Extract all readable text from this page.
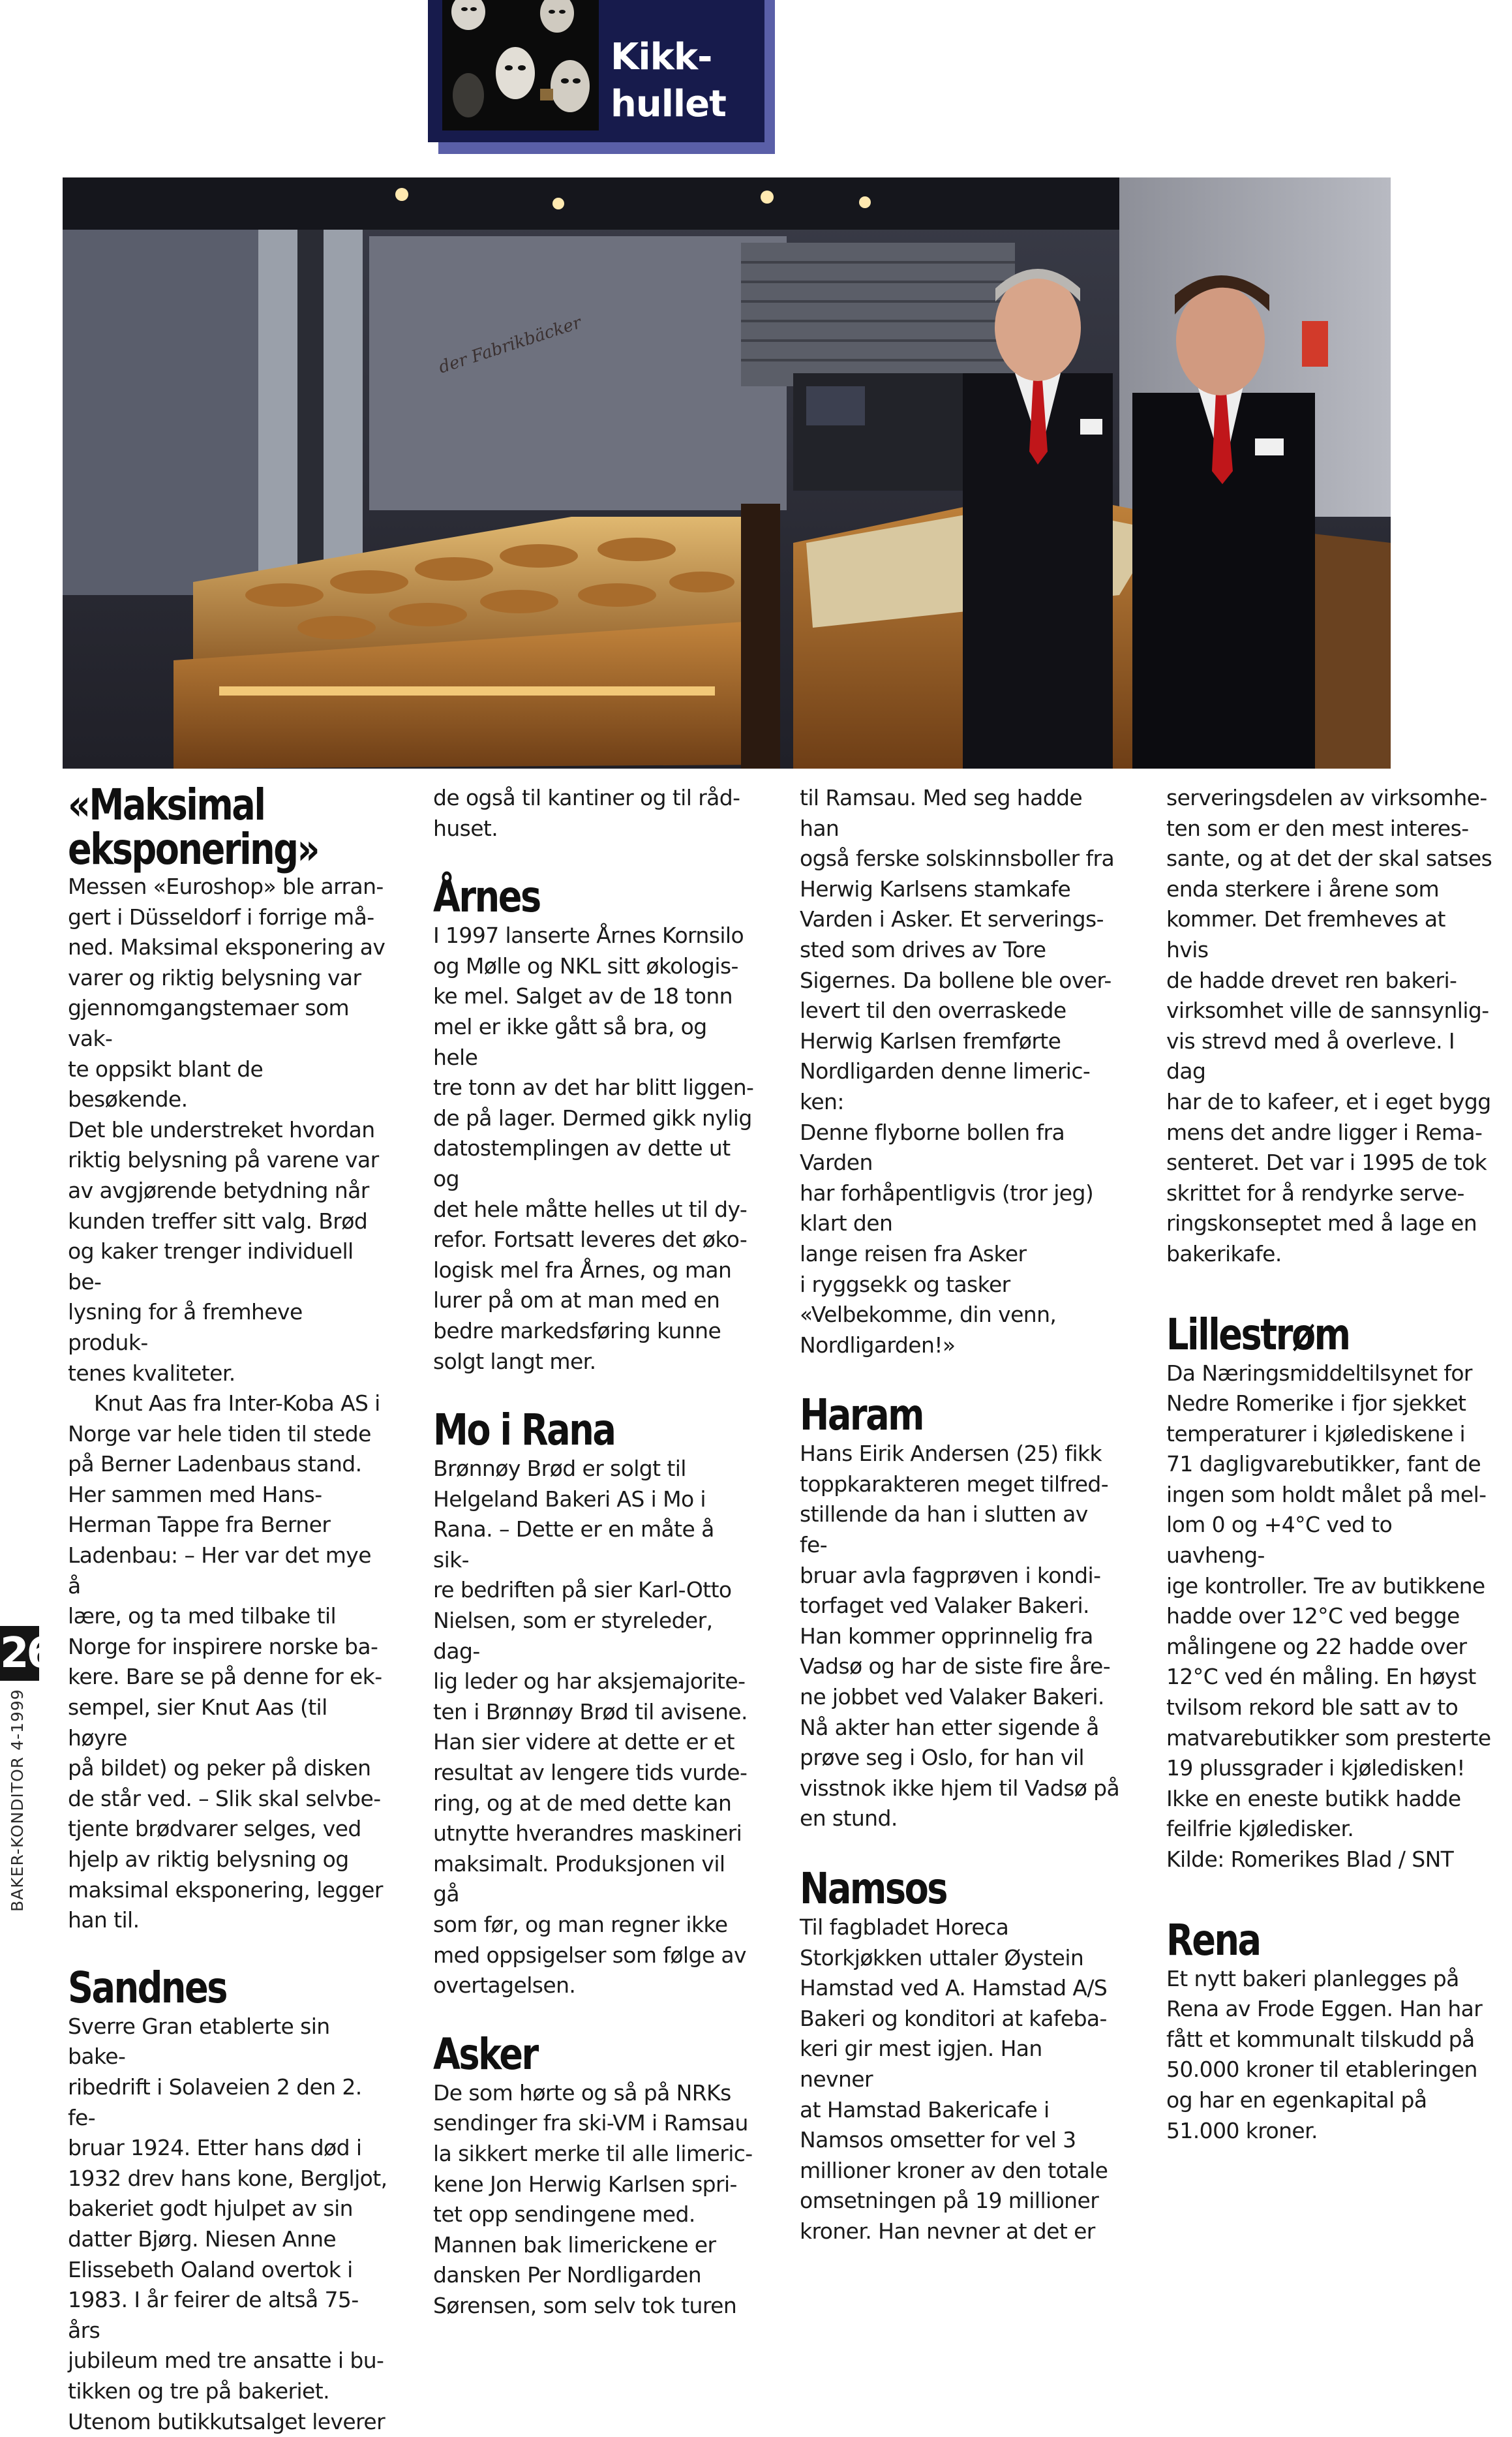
Kikk-
hullet
der Fabrikbäcker
«Maksimal eksponering»

Messen «Euroshop» ble arran-
gert i Düsseldorf i forrige må-
ned. Maksimal eksponering av
varer og riktig belysning var
gjennomgangstemaer som vak-
te oppsikt blant de besøkende.
Det ble understreket hvordan
riktig belysning på varene var
av avgjørende betydning når
kunden treffer sitt valg. Brød
og kaker trenger individuell be-
lysning for å fremheve produk-
tenes kvaliteter.

Knut Aas fra Inter-Koba AS i
Norge var hele tiden til stede
på Berner Ladenbaus stand.
Her sammen med Hans-
Herman Tappe fra Berner
Ladenbau: – Her var det mye å
lære, og ta med tilbake til
Norge for inspirere norske ba-
kere. Bare se på denne for ek-
sempel, sier Knut Aas (til høyre
på bildet) og peker på disken
de står ved. – Slik skal selvbe-
tjente brødvarer selges, ved
hjelp av riktig belysning og
maksimal eksponering, legger
han til.

Sandnes

Sverre Gran etablerte sin bake-
ribedrift i Solaveien 2 den 2. fe-
bruar 1924. Etter hans død i
1932 drev hans kone, Bergljot,
bakeriet godt hjulpet av sin
datter Bjørg. Niesen Anne
Elissebeth Oaland overtok i
1983. I år feirer de altså 75-års
jubileum med tre ansatte i bu-
tikken og tre på bakeriet.
Utenom butikkutsalget leverer

de også til kantiner og til råd-
huset.

Årnes

I 1997 lanserte Årnes Kornsilo
og Mølle og NKL sitt økologis-
ke mel. Salget av de 18 tonn
mel er ikke gått så bra, og hele
tre tonn av det har blitt liggen-
de på lager. Dermed gikk nylig
datostemplingen av dette ut og
det hele måtte helles ut til dy-
refor. Fortsatt leveres det øko-
logisk mel fra Årnes, og man
lurer på om at man med en
bedre markedsføring kunne
solgt langt mer.

Mo i Rana

Brønnøy Brød er solgt til
Helgeland Bakeri AS i Mo i
Rana. – Dette er en måte å sik-
re bedriften på sier Karl-Otto
Nielsen, som er styreleder, dag-
lig leder og har aksjemajorite-
ten i Brønnøy Brød til avisene.
Han sier videre at dette er et
resultat av lengere tids vurde-
ring, og at de med dette kan
utnytte hverandres maskineri
maksimalt. Produksjonen vil gå
som før, og man regner ikke
med oppsigelser som følge av
overtagelsen.

Asker

De som hørte og så på NRKs
sendinger fra ski-VM i Ramsau
la sikkert merke til alle limeric-
kene Jon Herwig Karlsen spri-
tet opp sendingene med.
Mannen bak limerickene er
dansken Per Nordligarden
Sørensen, som selv tok turen

til Ramsau. Med seg hadde han
også ferske solskinnsboller fra
Herwig Karlsens stamkafe
Varden i Asker. Et serverings-
sted som drives av Tore
Sigernes. Da bollene ble over-
levert til den overraskede
Herwig Karlsen fremførte
Nordligarden denne limeric-
ken:
Denne flyborne bollen fra
Varden
har forhåpentligvis (tror jeg)
klart den
lange reisen fra Asker
i ryggsekk og tasker
«Velbekomme, din venn,
Nordligarden!»

Haram

Hans Eirik Andersen (25) fikk
toppkarakteren meget tilfred-
stillende da han i slutten av fe-
bruar avla fagprøven i kondi-
torfaget ved Valaker Bakeri.
Han kommer opprinnelig fra
Vadsø og har de siste fire åre-
ne jobbet ved Valaker Bakeri.
Nå akter han etter sigende å
prøve seg i Oslo, for han vil
visstnok ikke hjem til Vadsø på
en stund.

Namsos

Til fagbladet Horeca
Storkjøkken uttaler Øystein
Hamstad ved A. Hamstad A/S
Bakeri og konditori at kafeba-
keri gir mest igjen. Han nevner
at Hamstad Bakericafe i
Namsos omsetter for vel 3
millioner kroner av den totale
omsetningen på 19 millioner
kroner. Han nevner at det er

serveringsdelen av virksomhe-
ten som er den mest interes-
sante, og at det der skal satses
enda sterkere i årene som
kommer. Det fremheves at hvis
de hadde drevet ren bakeri-
virksomhet ville de sannsynlig-
vis strevd med å overleve. I dag
har de to kafeer, et i eget bygg
mens det andre ligger i Rema-
senteret. Det var i 1995 de tok
skrittet for å rendyrke serve-
ringskonseptet med å lage en
bakerikafe.

Lillestrøm

Da Næringsmiddeltilsynet for
Nedre Romerike i fjor sjekket
temperaturer i kjølediskene i
71 dagligvarebutikker, fant de
ingen som holdt målet på mel-
lom 0 og +4°C ved to uavheng-
ige kontroller. Tre av butikkene
hadde over 12°C ved begge
målingene og 22 hadde over
12°C ved én måling. En høyst
tvilsom rekord ble satt av to
matvarebutikker som presterte
19 plussgrader i kjøledisken!
Ikke en eneste butikk hadde
feilfrie kjøledisker.
Kilde: Romerikes Blad / SNT

Rena

Et nytt bakeri planlegges på
Rena av Frode Eggen. Han har
fått et kommunalt tilskudd på
50.000 kroner til etableringen
og har en egenkapital på
51.000 kroner.

26
BAKER-KONDITOR 4-1999
